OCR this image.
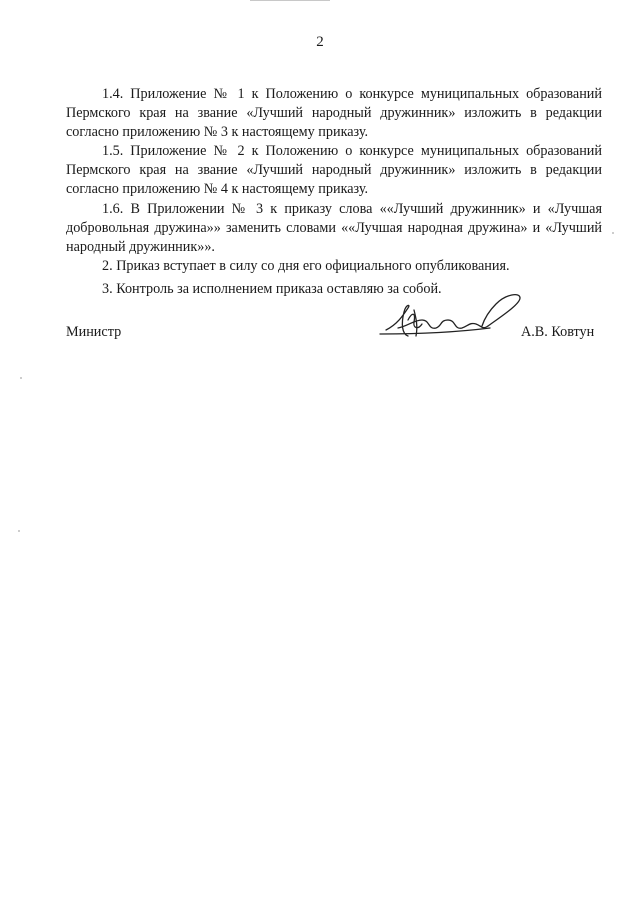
2

1.4. Приложение № 1 к Положению о конкурсе муниципальных образований Пермского края на звание «Лучший народный дружинник» изложить в редакции согласно приложению № 3 к настоящему приказу.

1.5. Приложение № 2 к Положению о конкурсе муниципальных образований Пермского края на звание «Лучший народный дружинник» изложить в редакции согласно приложению № 4 к настоящему приказу.

1.6. В Приложении № 3 к приказу слова ««Лучший дружинник» и «Лучшая добровольная дружина»» заменить словами ««Лучшая народная дружина» и «Лучший народный дружинник»».

2. Приказ вступает в силу со дня его официального опубликования.

3. Контроль за исполнением приказа оставляю за собой.

Министр	А.В. Ковтун
